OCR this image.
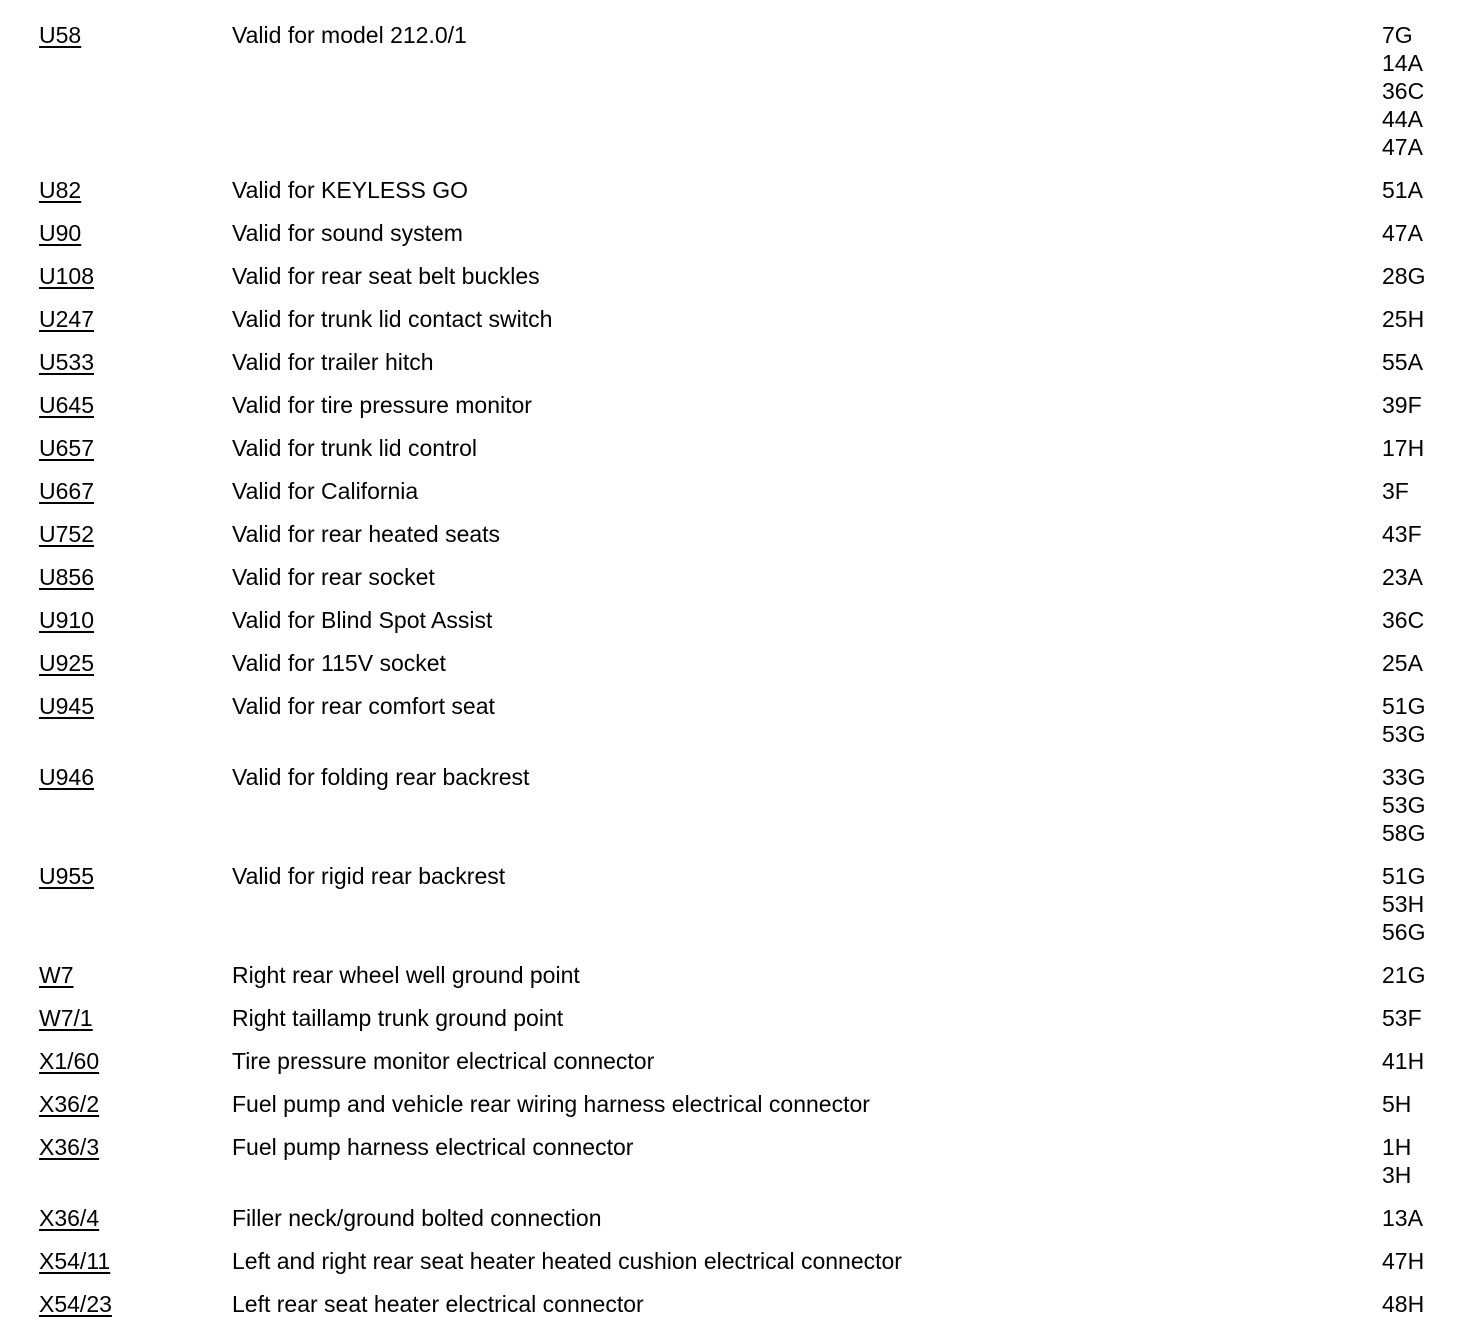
U58	Valid for model 212.0/1	7G
14A
36C
44A
47A
U82	Valid for KEYLESS GO	51A
U90	Valid for sound system	47A
U108	Valid for rear seat belt buckles	28G
U247	Valid for trunk lid contact switch	25H
U533	Valid for trailer hitch	55A
U645	Valid for tire pressure monitor	39F
U657	Valid for trunk lid control	17H
U667	Valid for California	3F
U752	Valid for rear heated seats	43F
U856	Valid for rear socket	23A
U910	Valid for Blind Spot Assist	36C
U925	Valid for 115V socket	25A
U945	Valid for rear comfort seat	51G
53G
U946	Valid for folding rear backrest	33G
53G
58G
U955	Valid for rigid rear backrest	51G
53H
56G
W7	Right rear wheel well ground point	21G
W7/1	Right taillamp trunk ground point	53F
X1/60	Tire pressure monitor electrical connector	41H
X36/2	Fuel pump and vehicle rear wiring harness electrical connector	5H
X36/3	Fuel pump harness electrical connector	1H
3H
X36/4	Filler neck/ground bolted connection	13A
X54/11	Left and right rear seat heater heated cushion electrical connector	47H
X54/23	Left rear seat heater electrical connector	48H
